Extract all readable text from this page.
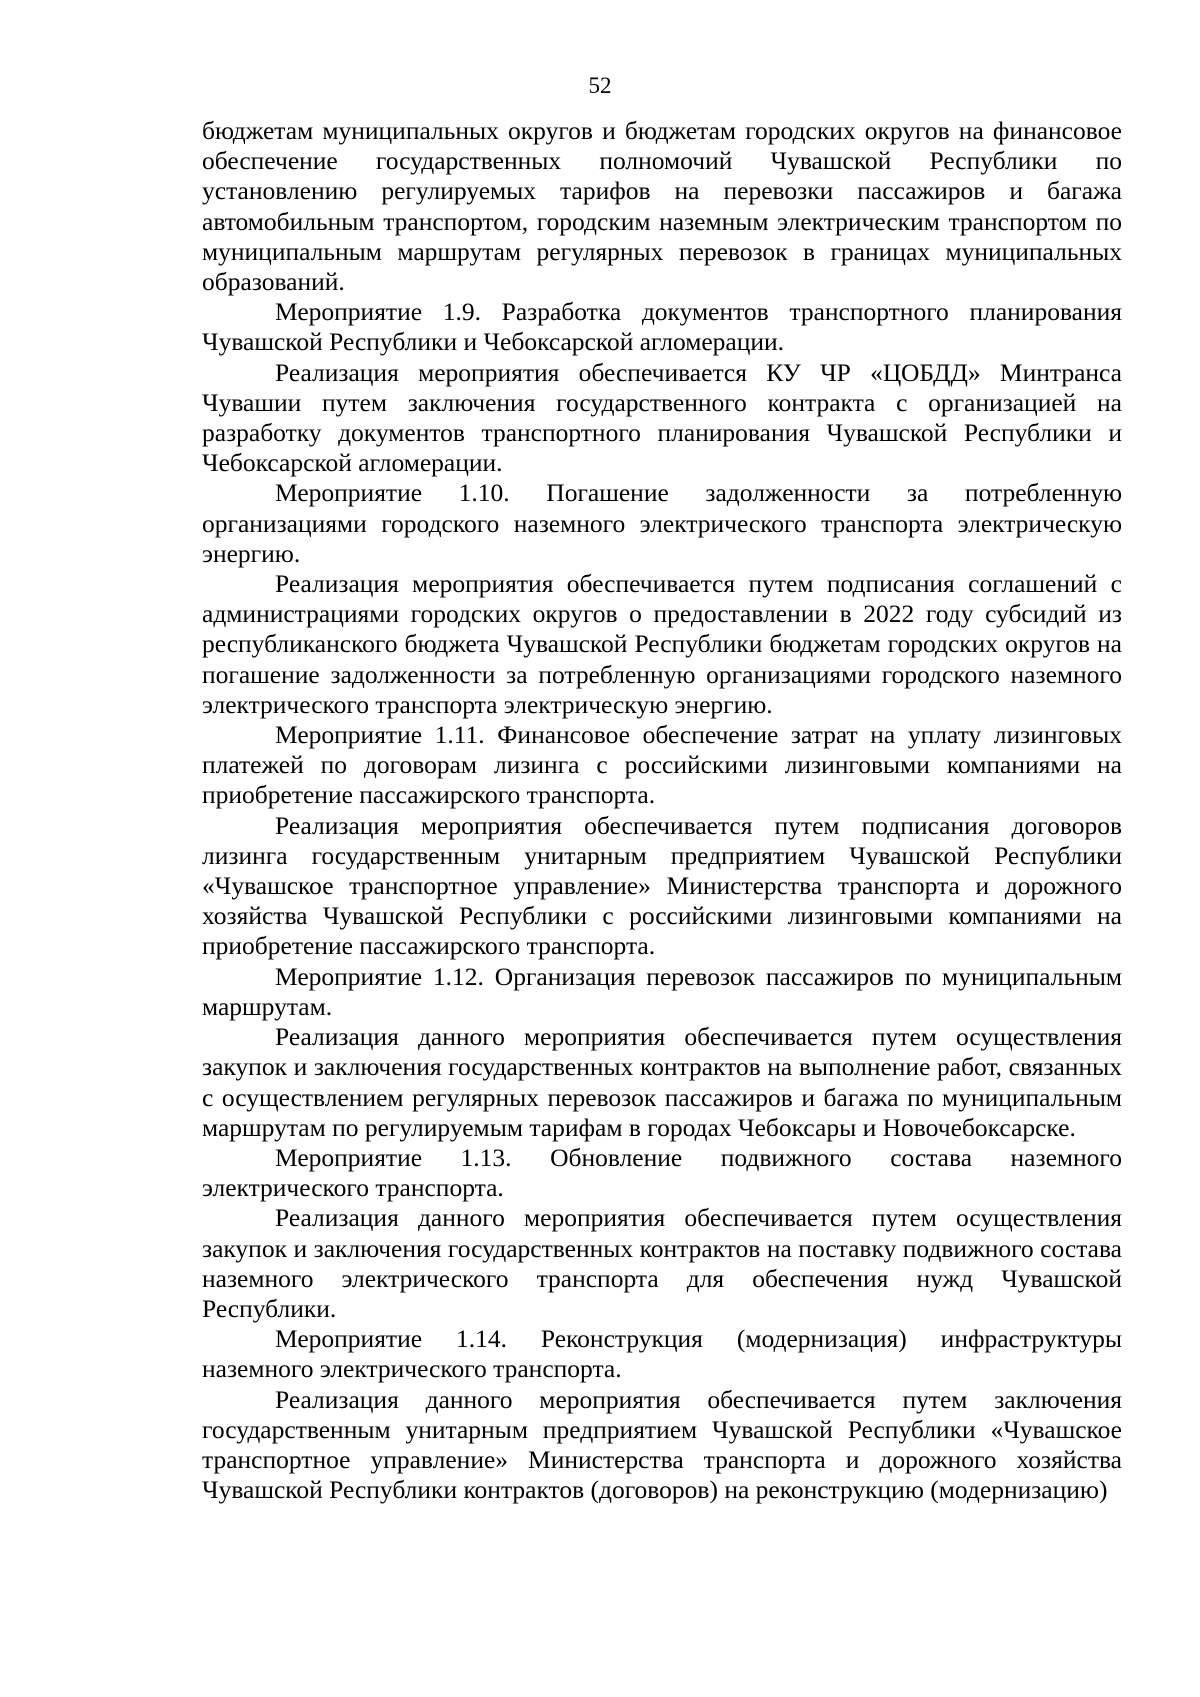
52

бюджетам муниципальных округов и бюджетам городских округов на финансовое обеспечение государственных полномочий Чувашской Республики по установлению регулируемых тарифов на перевозки пассажиров и багажа автомобильным транспортом, городским наземным электрическим транспортом по муниципальным маршрутам регулярных перевозок в границах муниципальных образований.

Мероприятие 1.9. Разработка документов транспортного планирования Чувашской Республики и Чебоксарской агломерации.

Реализация мероприятия обеспечивается КУ ЧР «ЦОБДД» Минтранса Чувашии путем заключения государственного контракта с организацией на разработку документов транспортного планирования Чувашской Республики и Чебоксарской агломерации.

Мероприятие 1.10. Погашение задолженности за потребленную организациями городского наземного электрического транспорта электрическую энергию.

Реализация мероприятия обеспечивается путем подписания соглашений с администрациями городских округов о предоставлении в 2022 году субсидий из республиканского бюджета Чувашской Республики бюджетам городских округов на погашение задолженности за потребленную организациями городского наземного электрического транспорта электрическую энергию.

Мероприятие 1.11. Финансовое обеспечение затрат на уплату лизинговых платежей по договорам лизинга с российскими лизинговыми компаниями на приобретение пассажирского транспорта.

Реализация мероприятия обеспечивается путем подписания договоров лизинга государственным унитарным предприятием Чувашской Республики «Чувашское транспортное управление» Министерства транспорта и дорожного хозяйства Чувашской Республики с российскими лизинговыми компаниями на приобретение пассажирского транспорта.

Мероприятие 1.12. Организация перевозок пассажиров по муниципальным маршрутам.

Реализация данного мероприятия обеспечивается путем осуществления закупок и заключения государственных контрактов на выполнение работ, связанных с осуществлением регулярных перевозок пассажиров и багажа по муниципальным маршрутам по регулируемым тарифам в городах Чебоксары и Новочебоксарске.

Мероприятие 1.13. Обновление подвижного состава наземного электрического транспорта.

Реализация данного мероприятия обеспечивается путем осуществления закупок и заключения государственных контрактов на поставку подвижного состава наземного электрического транспорта для обеспечения нужд Чувашской Республики.

Мероприятие 1.14. Реконструкция (модернизация) инфраструктуры наземного электрического транспорта.

Реализация данного мероприятия обеспечивается путем заключения государственным унитарным предприятием Чувашской Республики «Чувашское транспортное управление» Министерства транспорта и дорожного хозяйства Чувашской Республики контрактов (договоров) на реконструкцию (модернизацию)
